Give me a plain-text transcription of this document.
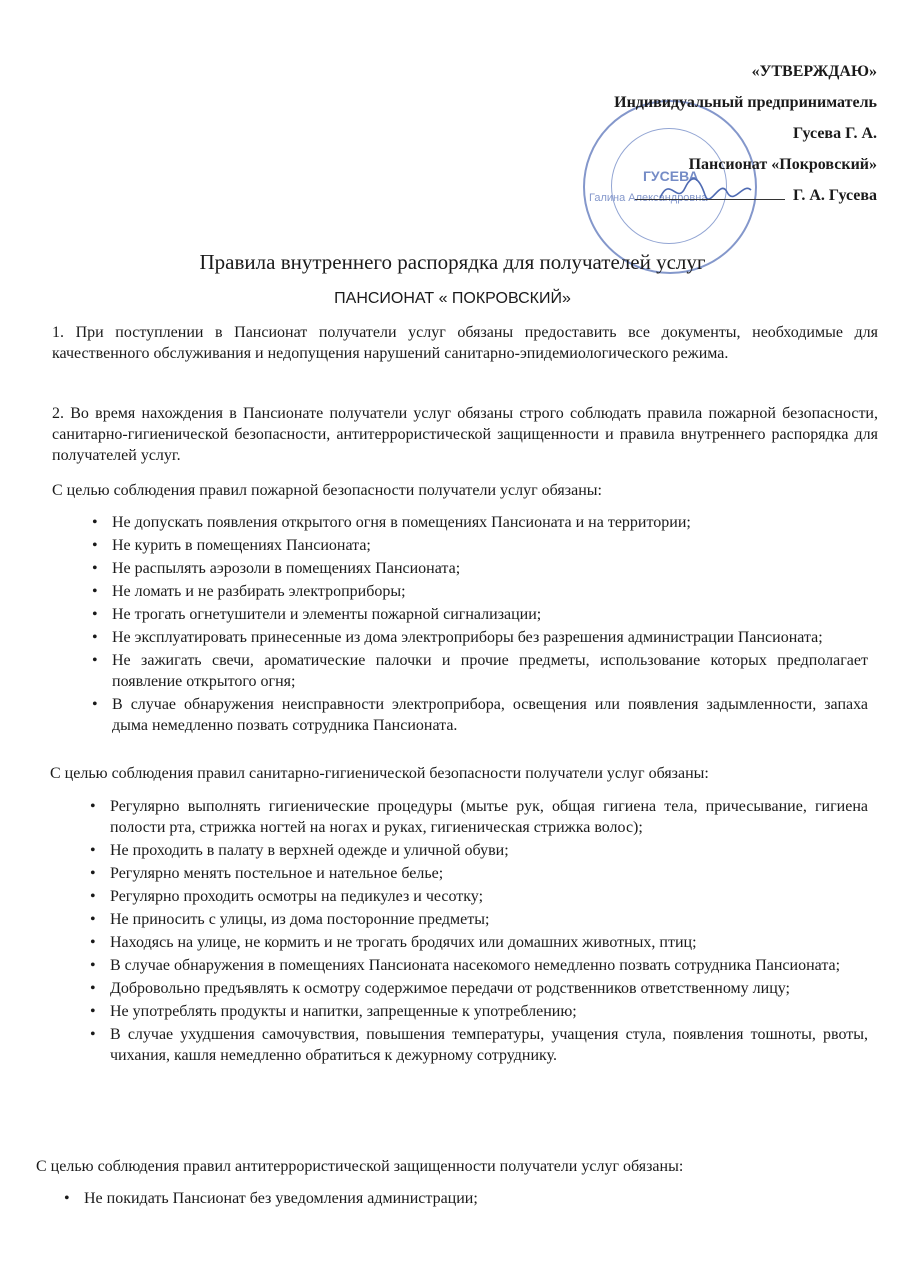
ГУСЕВА
Галина Александровна
«УТВЕРЖДАЮ»
Индивидуальный предприниматель
Гусева Г. А.
Пансионат «Покровский»
Г. А. Гусева
Правила внутреннего распорядка для получателей услуг
ПАНСИОНАТ « ПОКРОВСКИЙ»
1. При поступлении в Пансионат получатели услуг обязаны предоставить все документы, необходимые для качественного обслуживания и недопущения нарушений санитарно-эпидемиологического режима.
2. Во время нахождения в Пансионате получатели услуг обязаны строго соблюдать правила пожарной безопасности, санитарно-гигиенической безопасности, антитеррористической защищенности и правила внутреннего распорядка для получателей услуг.
С целью соблюдения правил пожарной безопасности получатели услуг обязаны:
• Не допускать появления открытого огня в помещениях Пансионата и на территории;
• Не курить в помещениях Пансионата;
• Не распылять аэрозоли в помещениях Пансионата;
• Не ломать и не разбирать электроприборы;
• Не трогать огнетушители и элементы пожарной сигнализации;
• Не эксплуатировать принесенные из дома электроприборы без разрешения администрации Пансионата;
• Не зажигать свечи, ароматические палочки и прочие предметы, использование которых предполагает появление открытого огня;
• В случае обнаружения неисправности электроприбора, освещения или появления задымленности, запаха дыма немедленно позвать сотрудника Пансионата.
С целью соблюдения правил санитарно-гигиенической безопасности получатели услуг обязаны:
• Регулярно выполнять гигиенические процедуры (мытье рук, общая гигиена тела, причесывание, гигиена полости рта, стрижка ногтей на ногах и руках, гигиеническая стрижка волос);
• Не проходить в палату в верхней одежде и уличной обуви;
• Регулярно менять постельное и нательное белье;
• Регулярно проходить осмотры на педикулез и чесотку;
• Не приносить с улицы, из дома посторонние предметы;
• Находясь на улице, не кормить и не трогать бродячих или домашних животных, птиц;
• В случае обнаружения в помещениях Пансионата насекомого немедленно позвать сотрудника Пансионата;
• Добровольно предъявлять к осмотру содержимое передачи от родственников ответственному лицу;
• Не употреблять продукты и напитки, запрещенные к употреблению;
• В случае ухудшения самочувствия, повышения температуры, учащения стула, появления тошноты, рвоты, чихания, кашля немедленно обратиться к дежурному сотруднику.
С целью соблюдения правил антитеррористической защищенности получатели услуг обязаны:
• Не покидать Пансионат без уведомления администрации;
